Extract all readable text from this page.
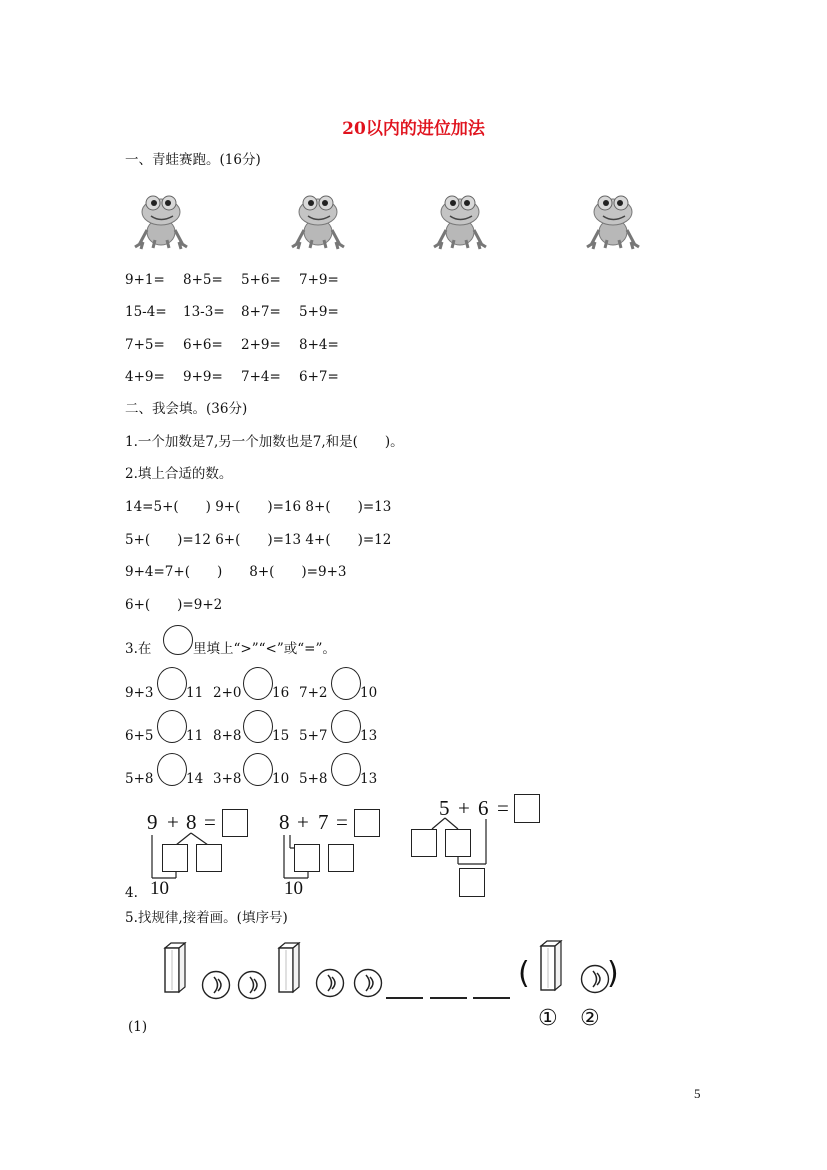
20以内的进位加法
一、青蛙赛跑。(16分)
9+1= 8+5= 5+6= 7+9=
15-4= 13-3= 8+7= 5+9=
7+5= 6+6= 2+9= 8+4=
4+9= 9+9= 7+4= 6+7=
二、我会填。(36分)
1.一个加数是7,另一个加数也是7,和是(　　)。
2.填上合适的数。
14=5+(　　) 9+(　　)=16 8+(　　)=13
5+(　　)=12 6+(　　)=13 4+(　　)=12
9+4=7+(　　)　　8+(　　)=9+3
6+(　　)=9+2
3.在	里填上“>”“<”或“=”。
9+3 11 2+0 16 7+2 10
6+5 11 8+8 15 5+7 13
5+8 14 3+8 10 5+8 13
4.
9 + 8 =
10
8 + 7 =
10
5 + 6 =
5.找规律,接着画。(填序号)
(	)
① ②
(1)
5
